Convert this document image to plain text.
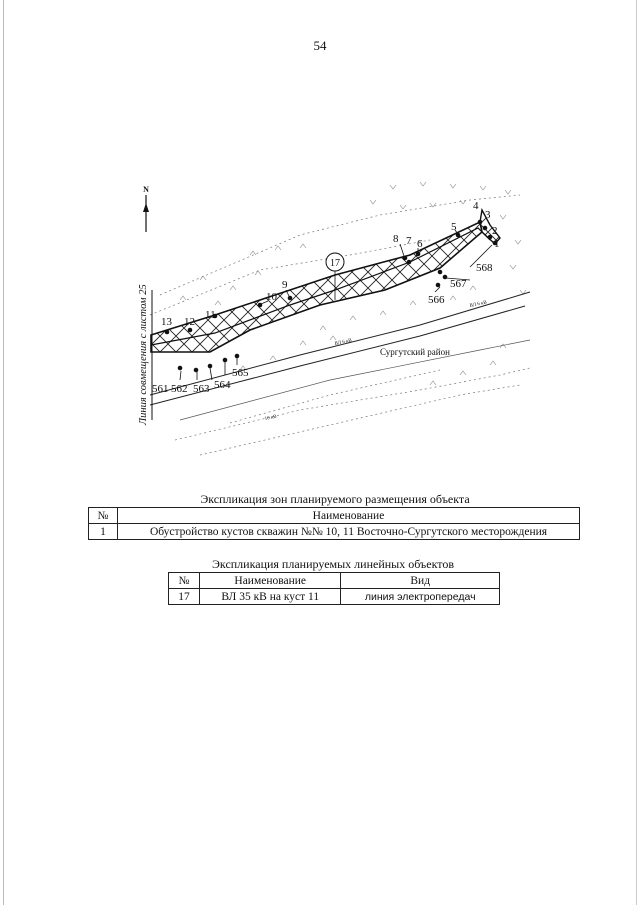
54
N
Линия совмещения с листом 25
17
Сургутский район
ВЛ 6 кВ
ВЛ 6 кВ
10 кВ
1
2
3
4
5
6
7
8
9
10
11
12
13
561 562 563 564
565
566
567
568
Экспликация зон планируемого размещения объекта
№	Наименование
1	Обустройство кустов скважин №№ 10, 11 Восточно-Сургутского месторождения
Экспликация планируемых линейных объектов
№	Наименование	Вид
17	ВЛ 35 кВ на куст 11	линия электропередач
